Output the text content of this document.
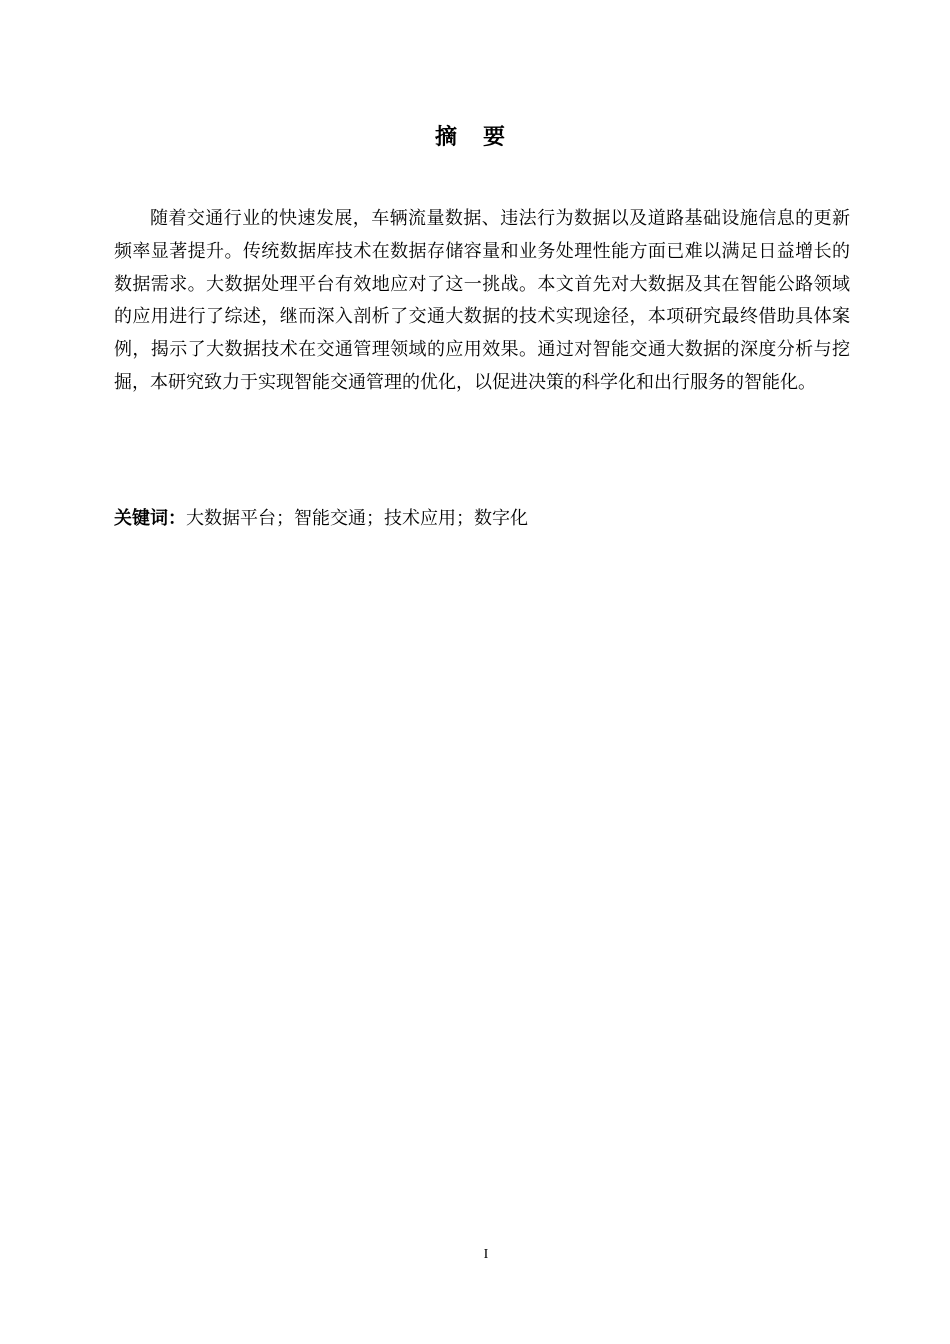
摘要

随着交通行业的快速发展，车辆流量数据、违法行为数据以及道路基础设施信息的更新频率显著提升。传统数据库技术在数据存储容量和业务处理性能方面已难以满足日益增长的数据需求。大数据处理平台有效地应对了这一挑战。本文首先对大数据及其在智能公路领域的应用进行了综述，继而深入剖析了交通大数据的技术实现途径，本项研究最终借助具体案例，揭示了大数据技术在交通管理领域的应用效果。通过对智能交通大数据的深度分析与挖掘，本研究致力于实现智能交通管理的优化，以促进决策的科学化和出行服务的智能化。

关键词：大数据平台；智能交通；技术应用；数字化

I
